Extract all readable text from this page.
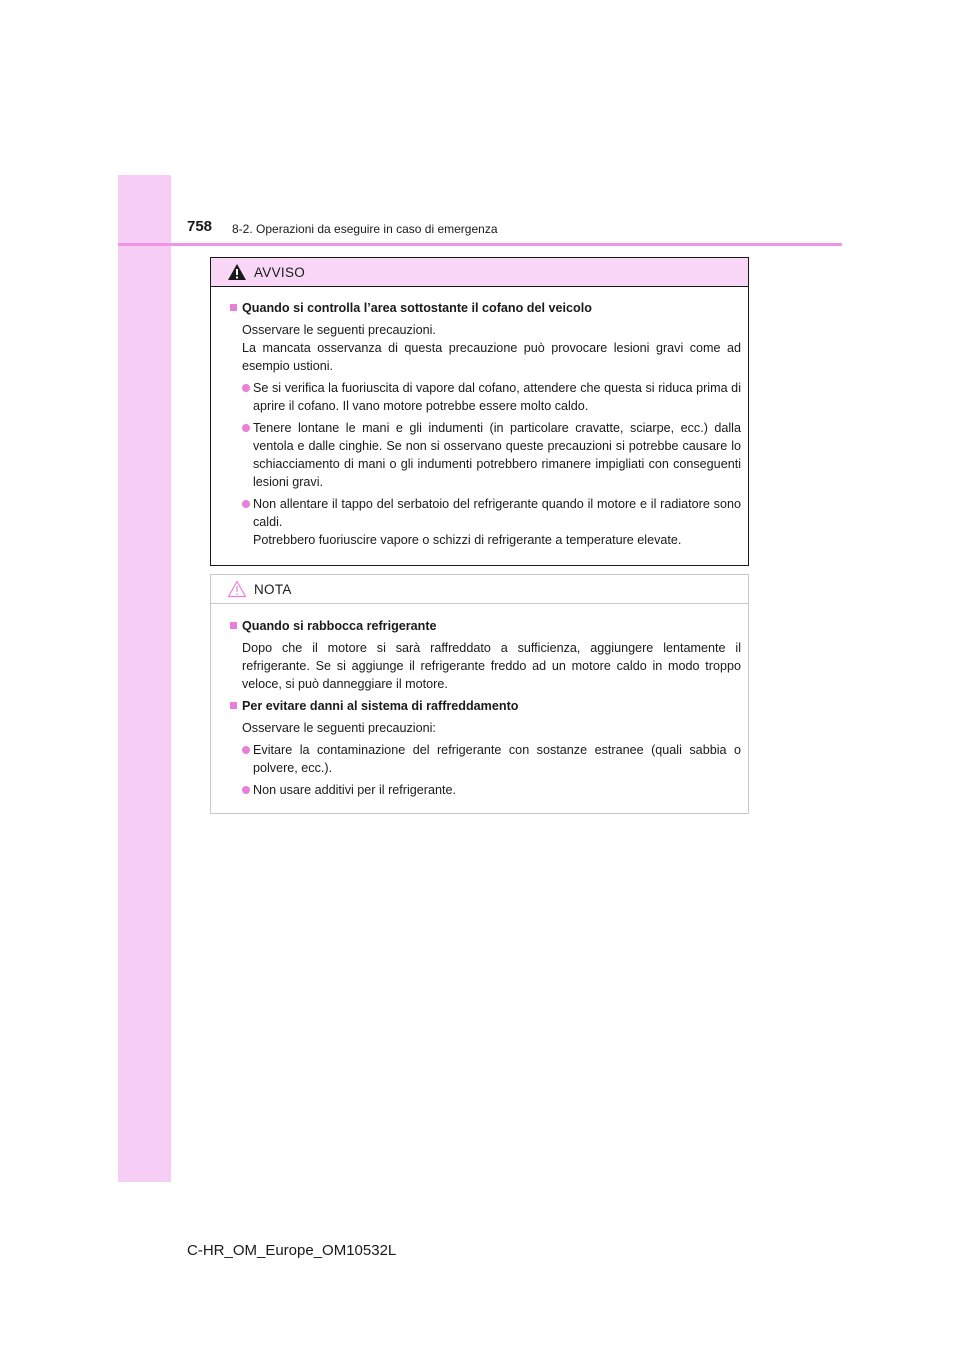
758 8-2. Operazioni da eseguire in caso di emergenza
AVVISO
Quando si controlla l’area sottostante il cofano del veicolo
Osservare le seguenti precauzioni.
La mancata osservanza di questa precauzione può provocare lesioni gravi come ad esempio ustioni.
Se si verifica la fuoriuscita di vapore dal cofano, attendere che questa si riduca prima di aprire il cofano. Il vano motore potrebbe essere molto caldo.
Tenere lontane le mani e gli indumenti (in particolare cravatte, sciarpe, ecc.) dalla ventola e dalle cinghie. Se non si osservano queste precauzioni si potrebbe causare lo schiacciamento di mani o gli indumenti potrebbero rimanere impigliati con conseguenti lesioni gravi.
Non allentare il tappo del serbatoio del refrigerante quando il motore e il radiatore sono caldi.
Potrebbero fuoriuscire vapore o schizzi di refrigerante a temperature elevate.
NOTA
Quando si rabbocca refrigerante
Dopo che il motore si sarà raffreddato a sufficienza, aggiungere lentamente il refrigerante. Se si aggiunge il refrigerante freddo ad un motore caldo in modo troppo veloce, si può danneggiare il motore.
Per evitare danni al sistema di raffreddamento
Osservare le seguenti precauzioni:
Evitare la contaminazione del refrigerante con sostanze estranee (quali sabbia o polvere, ecc.).
Non usare additivi per il refrigerante.
C-HR_OM_Europe_OM10532L
